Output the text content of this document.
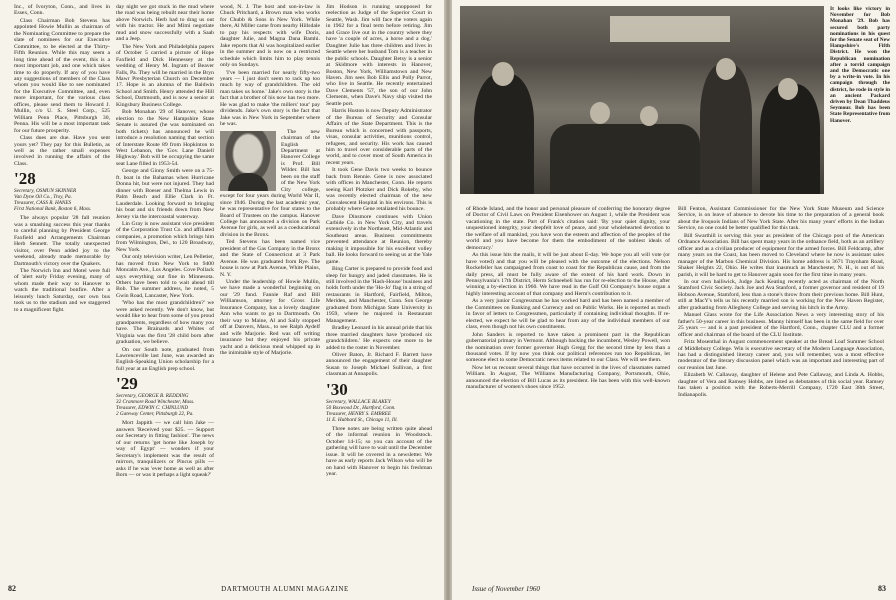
Inc., of Ivoryton, Conn., and lives in Essex, Conn.

Class Chairman Bob Stevens has appointed Howie Mullin as chairman of the Nominating Committee to prepare the slate of nominees for our Executive Committee, to be elected at the Thirty-Fifth Reunion. While this may seem a long time ahead of the event, this is a most important job, and one which takes time to do properly. If any of you have any suggestions of members of the Class whom you would like to see nominated for the Executive Committee, and, even more important, for the various class offices, please send them to Howard J. Mullin, c/o U. S. Steel Corp., 525 William Penn Place, Pittsburgh 30, Penna. His will be a most important task for our future prosperity.

Class dues are due. Have you sent yours yet? They pay for this Bulletin, as well as the rather small expenses involved in running the affairs of the Class.

'28
Secretary, OSMUN SKINNER
Van Dyne Oil Co., Troy, Pa.
Treasurer, CASS R. HANES
First National Bank, Boston 6, Mass.

The always popular '28 fall reunion was a smashing success this year thanks to careful planning by President George Faxfield and Arrangements Chairman Herb Sennett. The totally unexpected visitor, over Penn added joy to the weekend, already made memorable by Dartmouth's victory over the Quakers.

The Norwich Inn and Motel were full of 'alert early Friday evening, many of whom made their way to Hanover to watch the traditional bonfire. After a leisurely lunch Saturday, our own bus took us to the stadium and we staggered to a magnificent fight.

day night we got stuck in the mud where the road was being rebuilt near their home above Norwich. Herb had to drag us out with his tractor. He and Mimi negotiate mud and snow successfully with a Saab and a Jeep.

The New York and Philadelphia papers of October 5 carried a picture of Hope Faxfield and Dick Hennessey at the wedding of Henry M. Ingram of Beaver Falls, Pa. They will be married in the Bryn Mawr Presbyterian Church on December 17. Hope is an alumna of the Baldwin School and Smith. Henry attended the Hill School, Dartmouth, and is now a senior at Kingsbury Business College.

Bob Monahan '29 of Hanover, whose election to the New Hampshire State Senate is assured (he was nominated on both tickets) has announced he will introduce a resolution naming that section of Interstate Route 89 from Hopkinton to West Lebanon, the 'Gov. Lane Daniell Highway.' Bob will be occupying the same seat Lane filled in 1953-54.

George and Ginny Smith were on a 75-ft. boat in the Bahamas when Hurricane Donna hit, but were not injured. They had dinner with Boeser and Thelma Lewis in Palm Beach and Ellie Clark in Ft. Lauderdale. Looking forward to bringing his boat and six friends down from New Jersey via the intercoastal waterway.

Lin Gray is now assistant vice president of the Corporation Trust Co. and affiliated companies, a promotion which brings him from Wilmington, Del., to 120 Broadway, New York.

Our only television writer, Len Pelletier, has moved from New York to 9400 Moncalm Ave., Los Angeles. Cove Pollack says everything out fine in Minnesota. Others have been told to wait ahead till Bob. The summer address, he noted, 5 Gwin Road, Lancaster, New York.

'Who has the most grandchildren?' we were asked recently. We don't know, but would like to hear from some of you proud grandparents, regardless of how many you have. The Brainards and Whites of Virginia was the first '28 child born after graduation, we believe.

On our South note, graduated from Lawrenceville last June, was awarded an English-Speaking Union scholarship for a full year at an English prep school.

'29
Secretary, GEORGE B. REDDING
32 Cranmore Road Winchester, Mass.
Treasurer, EDWIN C. CHINLUND
2 Gateway Center, Pittsburgh 22, Pa.

Mort Jappith — we call him Jake — answers 'Received your $25. — Support our Secretary in fitting fashion'. The news of our returns 'get home like Joseph by way of Egypt' — wonders if your Secretary's implement was the result of mirrors, tranquilizers or Pincus pills — asks if he was 'ever home as well as after Born — or was it perhaps a light squeak?'

wood, N. J. The host and son-in-law is Chuck Pritchard, a Brown man who works for Chubb & Sons in New York. While there, Al Miller came from nearby Hillsdale to pay his respects with wife Doris, daughter Julie, and Magna Dana Bamhi. Jake reports that Al was hospitalized earlier in the summer and is now on a restricted schedule which limits him to play tennis only on Sundays.

'I've been married for nearly fifty-two years — I just don't seem to rack up too much by way of grandchildren. The old man takes us home.' Jake's own story is the fact that a brother of his now has two more. He was glad to make 'the millers' tour' pay dividends. Jake's own story is the fact that Jake was in New York in September where he was.

The new chairman of the English Department at Hanover College is Prof. Bill Wilder. Bill has been on the staff of the New York City college, except for four years during World War II, since 1946. During the last academic year, he was representative for four states to the Board of Trustees on the campus. Hanover College has announced a division on Park Avenue for girls, as well as a coeducational division in the Bronx.

Ted Stevens has been named vice president of the Gas Company in the Bronx and the State of Connecticut at 3 Park Avenue. He was graduated from Rye. The house is now at Park Avenue, White Plains, N. Y.

Under the leadership of Howie Mullin, we have made a wonderful beginning on our '29 fund. Fannie Raf and Bill Williamson, attorney for Gross Life Insurance Company, has a lovely daughter Ann who wants to go to Dartmouth. On their way to Maine, Al and Sally stopped off at Danvers, Mass., to see Ralph Aydelf and wife Marjorie. Red was off writing insurance but they enjoyed his private yacht and a delicious meal whipped up in the inimitable style of Marjorie.

Jim Hodson is running unopposed for reelection as Judge of the Superior Court in Seattle, Wash. Jim will face the voters again in 1962 for a final term before retiring. Jim and Grace live out in the country where they have 'a couple of acres, a horse and a dog.' Daughter Julie has three children and lives in Seattle where her husband Tom is a teacher in the public schools. Daughter Betsy is a senior at Skidmore with interests in Hanover, Boston, New York, Williamstown and New Haven. Jim sees Bob Ellis and Polly Parrot, who live in Seattle. He recently entertained Dave Clements '57, the son of our John Clements, when Dave's Navy ship visited the Seattle port.

Harris Huston is now Deputy Administrator of the Bureau of Security and Consular Affairs of the State Department. This is the Bureau which is concerned with passports, visas, consular activities, munitions control, refugees, and security. His work has caused him to travel over considerable parts of the world, and to cover most of South America in recent years.

It took Gene Davis two weeks to bounce back from Rennie. Gene is now associated with offices in Manchester, Conn. He reports seeing Karl Plotzker and Dick Rokeby, who was recently elected chairman of the new Convalescent Hospital in his environs. This is probably where Gene retaliated his bounce.

Dave Dinsmore continues with Union Carbide Co. in New York City, and travels extensively in the Northeast, Mid-Atlantic and Southeast areas. Business commitments prevented attendance at Reunion, thereby making it impossible for his excellent volley ball. He looks forward to seeing us at the Yale game.

Bing Carter is prepared to provide food and sleep for hungry and jaded classmates. He is still involved in the 'Hash-House' business and holds forth under the 'Ho-Jo' flag in a string of restaurants in Hartford, Fairfield, Milton, Meriden, and Manchester, Conn. Son George graduated from Michigan State University in 1959, where he majored in Restaurant Management.

Bradley Leonard in his annual pride that his three married daughters have 'produced six grandchildren.' He expects one more to be added to the roster in November.

Oliver Baton, Jr. Richard F. Barrett have announced the engagement of their daughter Susan to Joseph Michael Sullivan, a first classman at Annapolis.

'30
Secretary, WALLACE BLAKEY
50 Boxwood Dr., Hartford, Conn.
Treasurer, HENRY S. EMBREE
11 E. Hubbard St., Chicago 11, Ill.

Three notes are being written quite ahead of the informal reunion in Woodstock. October 14-15; so you can account of the gathering will have to wait until the December issue. It will be covered in a newsletter. We have as early reports Jack Wilson who will be on hand with Hanover to begin his freshman year.

82	DARTMOUTH ALUMNI MAGAZINE
It looks like victory in November for Bob Monahan '29. Bob has secured both party nominations in his quest for the Senate seat of New Hampshire's Fifth District. He won the Republican nomination after a torrid campaign and the Democratic one by a write-in vote. In his campaign through the district, he rode in style in an ancient Packard driven by Dean Thaddeus Seymour. Bob has been State Representative from Hanover.

of Rhode Island, and the honor and personal pleasure of conferring the honorary degree of Doctor of Civil Laws on President Eisenhower on August 1, while the President was vacationing in the state. Part of Frank's citation said: 'By your quiet dignity, your unquestioned integrity, your deepfelt love of peace, and your wholehearted devotion to the welfare of all mankind, you have won the esteem and affection of the peoples of the world and you have become for them the embodiment of the noblest ideals of democracy.'

As this issue hits the mails, it will be just about E-day. We hope you all will vote (or have voted) and that you will be pleased with the outcome of the elections. Nelson Rockefeller has campaigned from coast to coast for the Republican cause, and from the daily press, all must be fully aware of the extent of his hard work. Down in Pennsylvania's 17th District, Herm Schneebeli has run for re-election to the House, after winning a by-election in 1960. We have read in the Gulf Oil Company's house organ a highly interesting account of that company and Herm's contribution to it.

As a very junior Congressman he has worked hard and has been named a member of the Committees on Banking and Currency and on Public Works. He is reported as much in favor of letters to Congressmen, particularly if containing individual thoughts. If re-elected, we expect he will be glad to hear from any of the individual members of our class, even though not his own constituents.

John Sanders is reported to have taken a prominent part in the Republican gubernatorial primary in Vermont. Although backing the incumbent, Wesley Powell, won the nomination over former governor Hugh Gregg for the second time by less than a thousand votes. If by now you think our political references run too Republican, let someone elect to some Democratic news items related to our Class. We will see them.

Now let us recount several things that have occurred in the lives of classmates named William. In August, The Williams Manufacturing Company, Portsmouth, Ohio, announced the election of Bill Lucas as its president. He has been with this well-known manufacturer of women's shoes since 1952.

Bill Fenton, Assistant Commissioner for the New York State Museum and Science Service, is on leave of absence to devote his time to the preparation of a general book about the Iroquois Indians of New York State. After his many years' efforts in the Indian Service, no one could be better qualified for this task.

Bill Swarthill is serving this year as president of the Chicago post of the American Ordnance Association. Bill has spent many years in the ordnance field, both as an artillery officer and as a civilian producer of equipment for the armed forces. Bill Feldcamp, after many years on the Coast, has been moved to Cleveland where he now is assistant sales manager of the Marbon Chemical Division. His home address is 3671 Traynham Road, Shaker Heights 22, Ohio. He writes that inasmuch as Manchester, N. H., is out of his parish, it will be hard to get to Hanover again soon for the first time in many years.

In our own bailiwick, Judge Jack Keating recently acted as chairman of the North Stamford Civic Society. Jack Joe and Ava Stanford, a former governor and resident of 19 Hobson Avenue, Stamford, less than a stone's throw from their previous home. Bill Hunt, still at MacY's tells us his recently married son is working for the New Haven Register, after graduating from Allegheny College and serving his hitch in the Army.

Manuel Glass wrote for the Life Association News a very interesting story of his father's 50-year career in this business. Manny himself has been in the same field for over 25 years — and is a past president of the Hartford, Conn., chapter CLU and a former officer and chairman of the board of the CLU Institute.

Fritz Mosenthal in August commencement speaker at the Bread Loaf Summer School of Middlebury College. Win is executive secretary of the Modern Language Association, has had a distinguished literary career and, you will remember, was a most effective moderator of the literary discussion panel which was an important and interesting part of our reunion last June.

Elizabeth W. Callaway, daughter of Helene and Pete Callaway, and Linda A. Hobbs, daughter of Vera and Ramsey Hobbs, are listed as debutantes of this social year. Ramsey has taken a position with the Roberts-Merrill Company, 1720 East 38th Street, Indianapolis.

Issue of November 1960	83
